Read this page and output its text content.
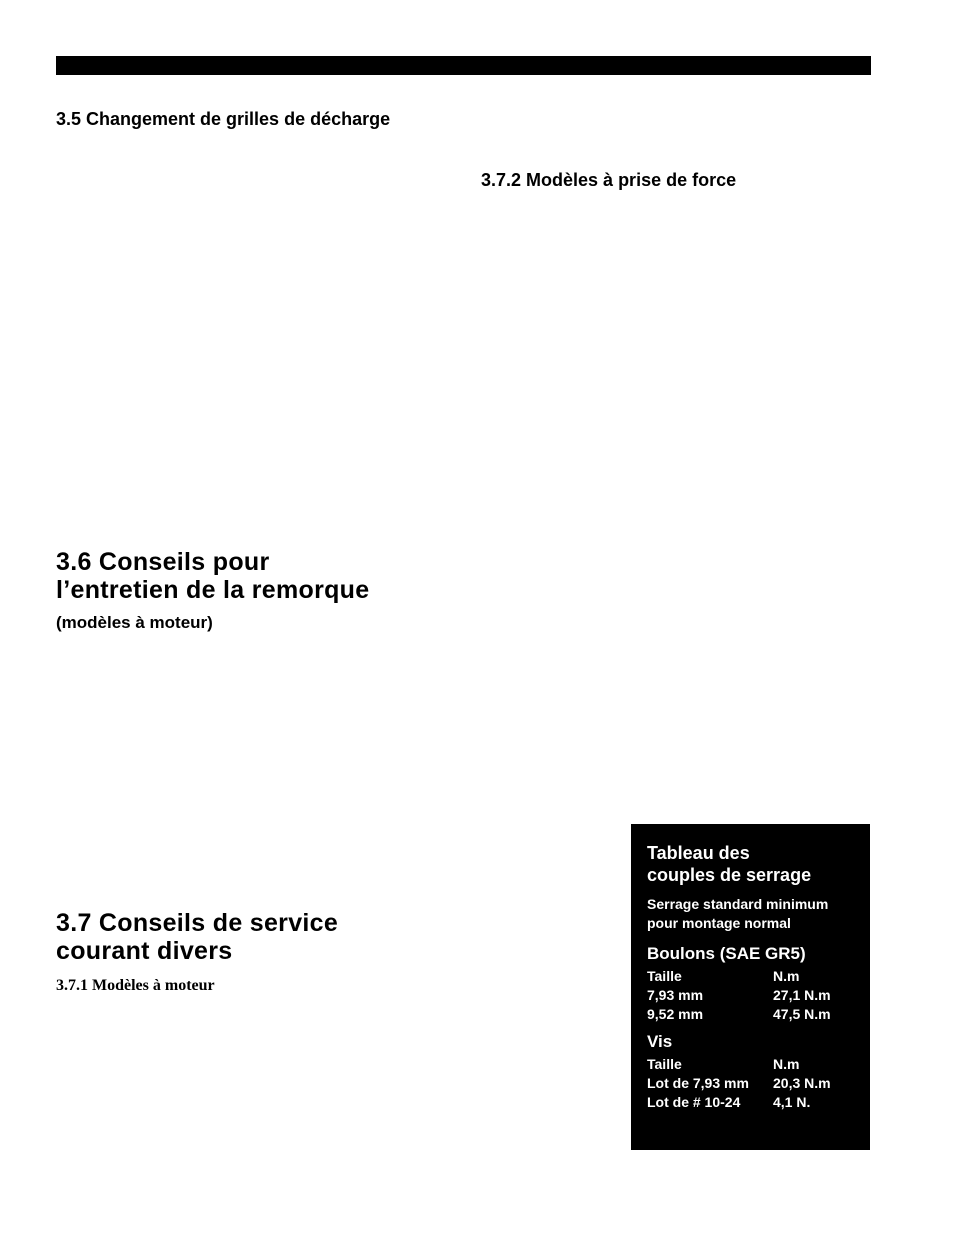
3.5 Changement de grilles de décharge
3.7.2 Modèles à prise de force
3.6 Conseils pour
l’entretien de la remorque
(modèles à moteur)
3.7 Conseils de service
courant divers
3.7.1 Modèles à moteur
Tableau des
couples de serrage
Serrage standard minimum
pour montage normal
Boulons (SAE GR5)
Taille	N.m
7,93 mm	27,1 N.m
9,52 mm	47,5 N.m
Vis
Taille	N.m
Lot de 7,93 mm	20,3 N.m
Lot de # 10-24	4,1 N.
